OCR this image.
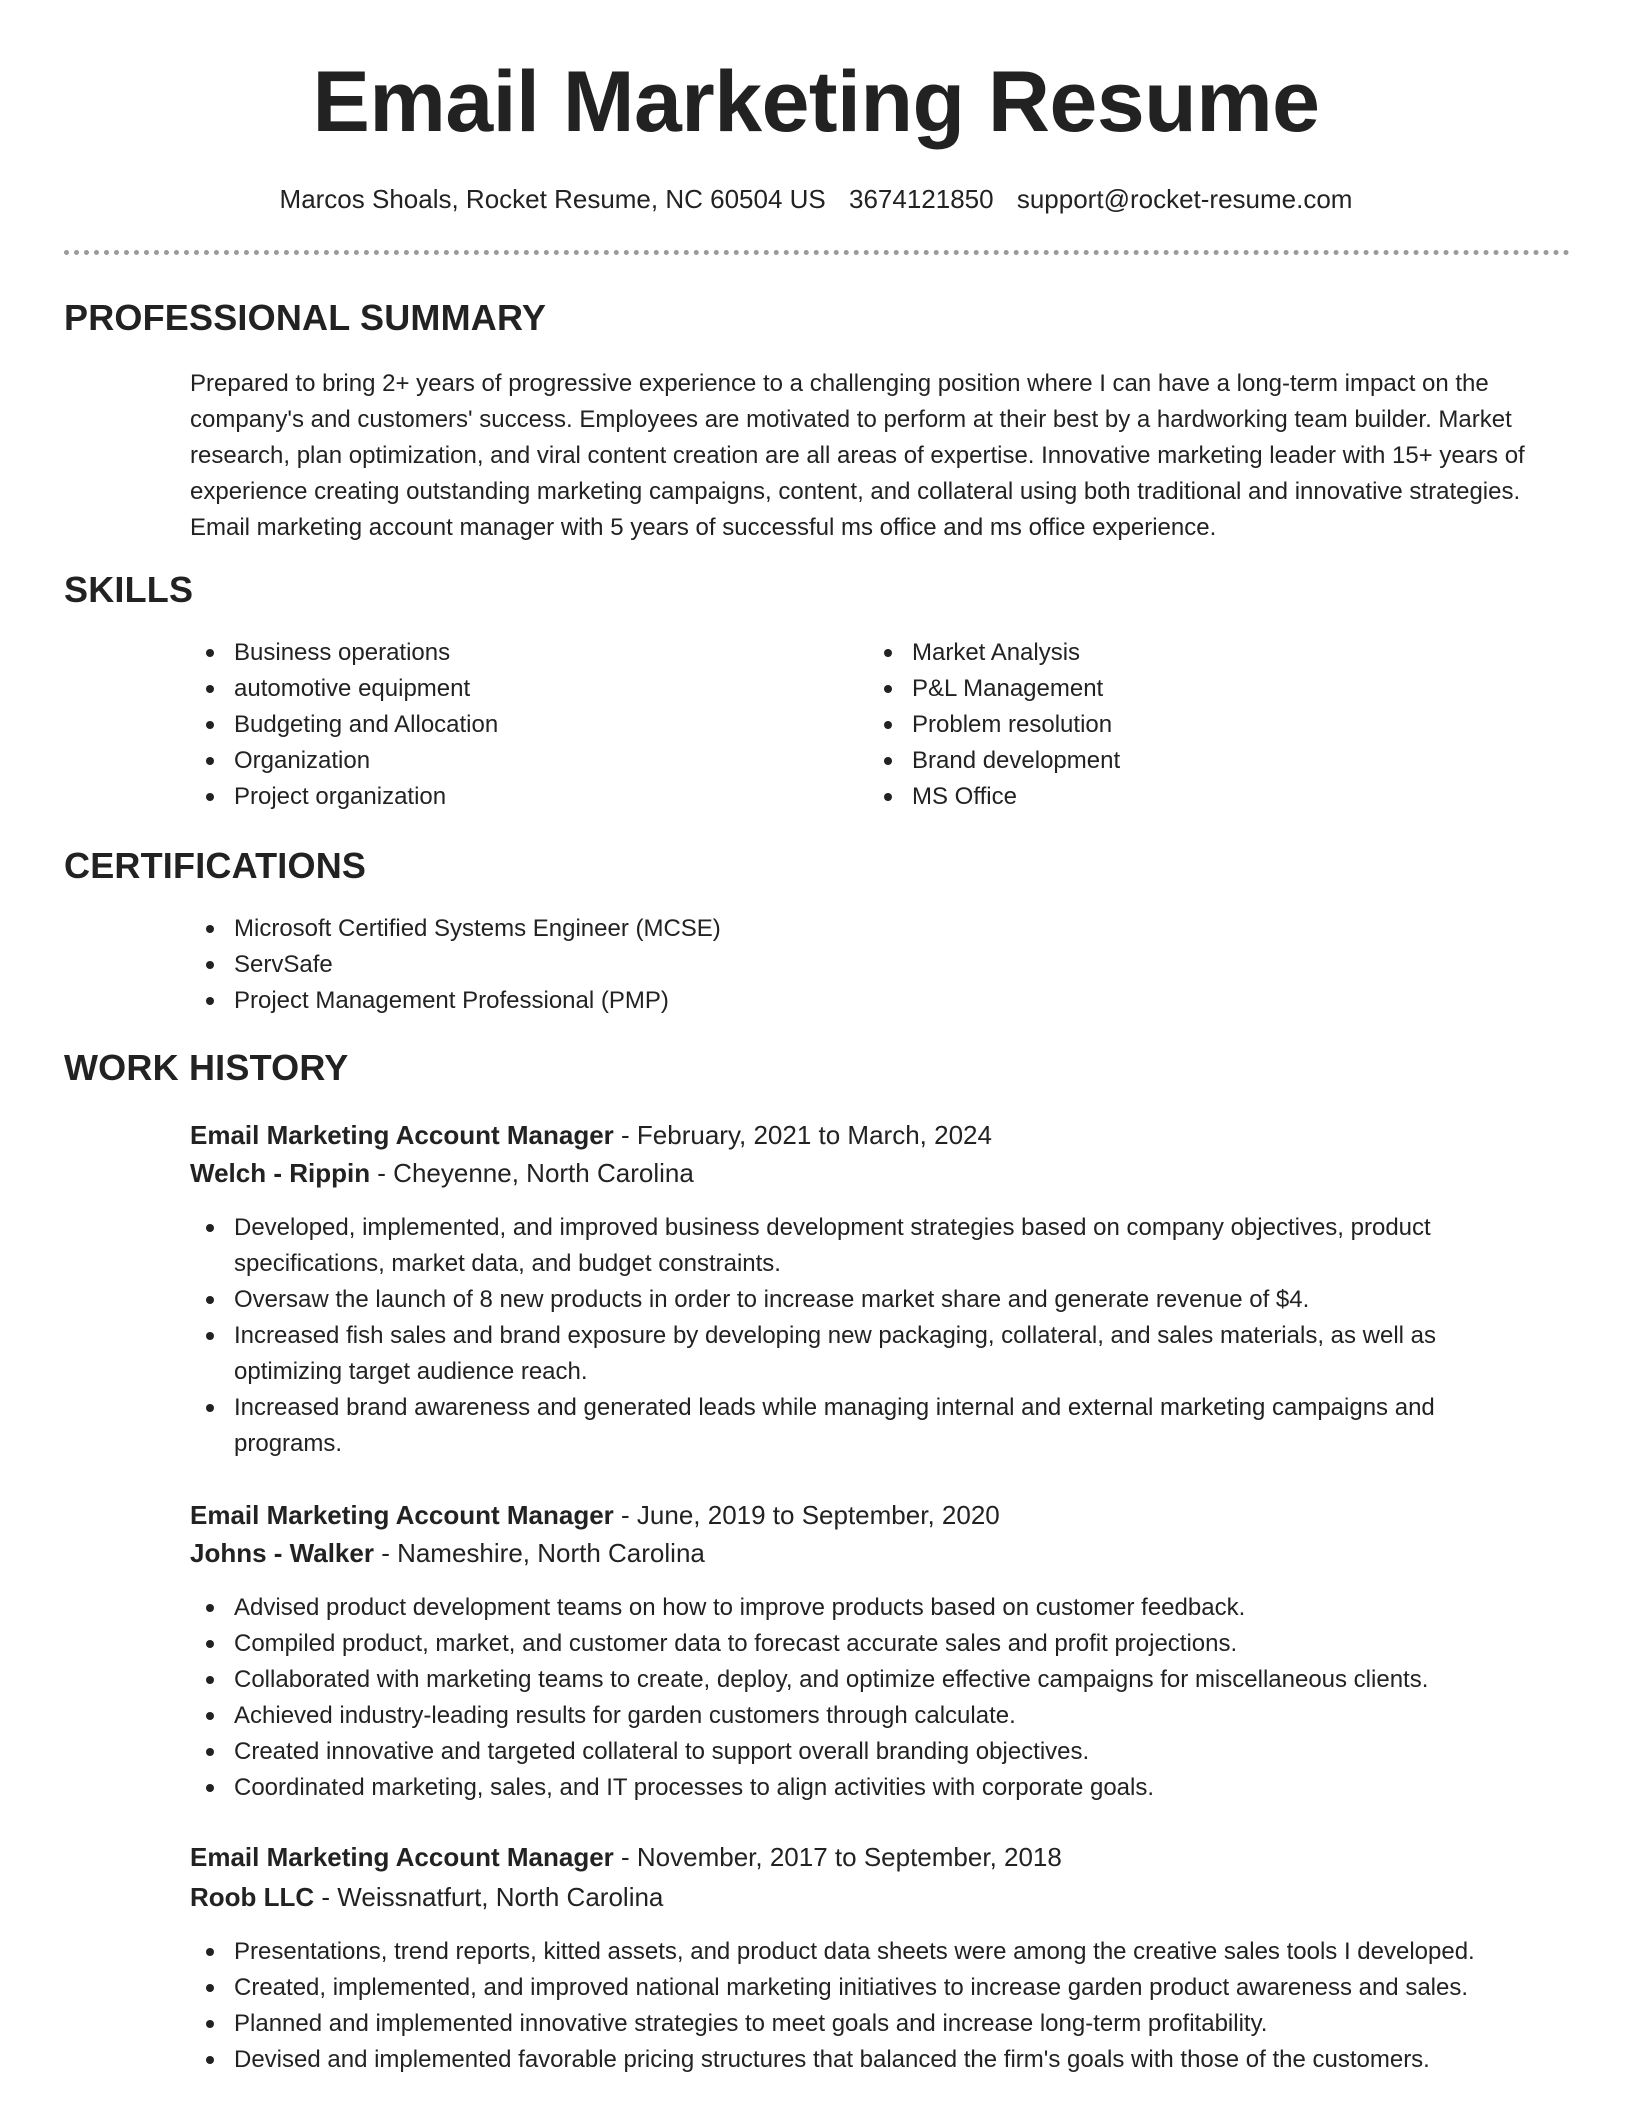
Email Marketing Resume
Marcos Shoals, Rocket Resume, NC 60504 US 3674121850 support@rocket-resume.com
PROFESSIONAL SUMMARY

Prepared to bring 2+ years of progressive experience to a challenging position where I can have a long-term impact on the company's and customers' success. Employees are motivated to perform at their best by a hardworking team builder. Market research, plan optimization, and viral content creation are all areas of expertise. Innovative marketing leader with 15+ years of experience creating outstanding marketing campaigns, content, and collateral using both traditional and innovative strategies. Email marketing account manager with 5 years of successful ms office and ms office experience.

SKILLS
Business operations
automotive equipment
Budgeting and Allocation
Organization
Project organization
Market Analysis
P&L Management
Problem resolution
Brand development
MS Office
CERTIFICATIONS
Microsoft Certified Systems Engineer (MCSE)
ServSafe
Project Management Professional (PMP)
WORK HISTORY
Email Marketing Account Manager - February, 2021 to March, 2024
Welch - Rippin - Cheyenne, North Carolina
Developed, implemented, and improved business development strategies based on company objectives, product specifications, market data, and budget constraints.
Oversaw the launch of 8 new products in order to increase market share and generate revenue of $4.
Increased fish sales and brand exposure by developing new packaging, collateral, and sales materials, as well as optimizing target audience reach.
Increased brand awareness and generated leads while managing internal and external marketing campaigns and programs.
Email Marketing Account Manager - June, 2019 to September, 2020
Johns - Walker - Nameshire, North Carolina
Advised product development teams on how to improve products based on customer feedback.
Compiled product, market, and customer data to forecast accurate sales and profit projections.
Collaborated with marketing teams to create, deploy, and optimize effective campaigns for miscellaneous clients.
Achieved industry-leading results for garden customers through calculate.
Created innovative and targeted collateral to support overall branding objectives.
Coordinated marketing, sales, and IT processes to align activities with corporate goals.
Email Marketing Account Manager - November, 2017 to September, 2018
Roob LLC - Weissnatfurt, North Carolina
Presentations, trend reports, kitted assets, and product data sheets were among the creative sales tools I developed.
Created, implemented, and improved national marketing initiatives to increase garden product awareness and sales.
Planned and implemented innovative strategies to meet goals and increase long-term profitability.
Devised and implemented favorable pricing structures that balanced the firm's goals with those of the customers.
